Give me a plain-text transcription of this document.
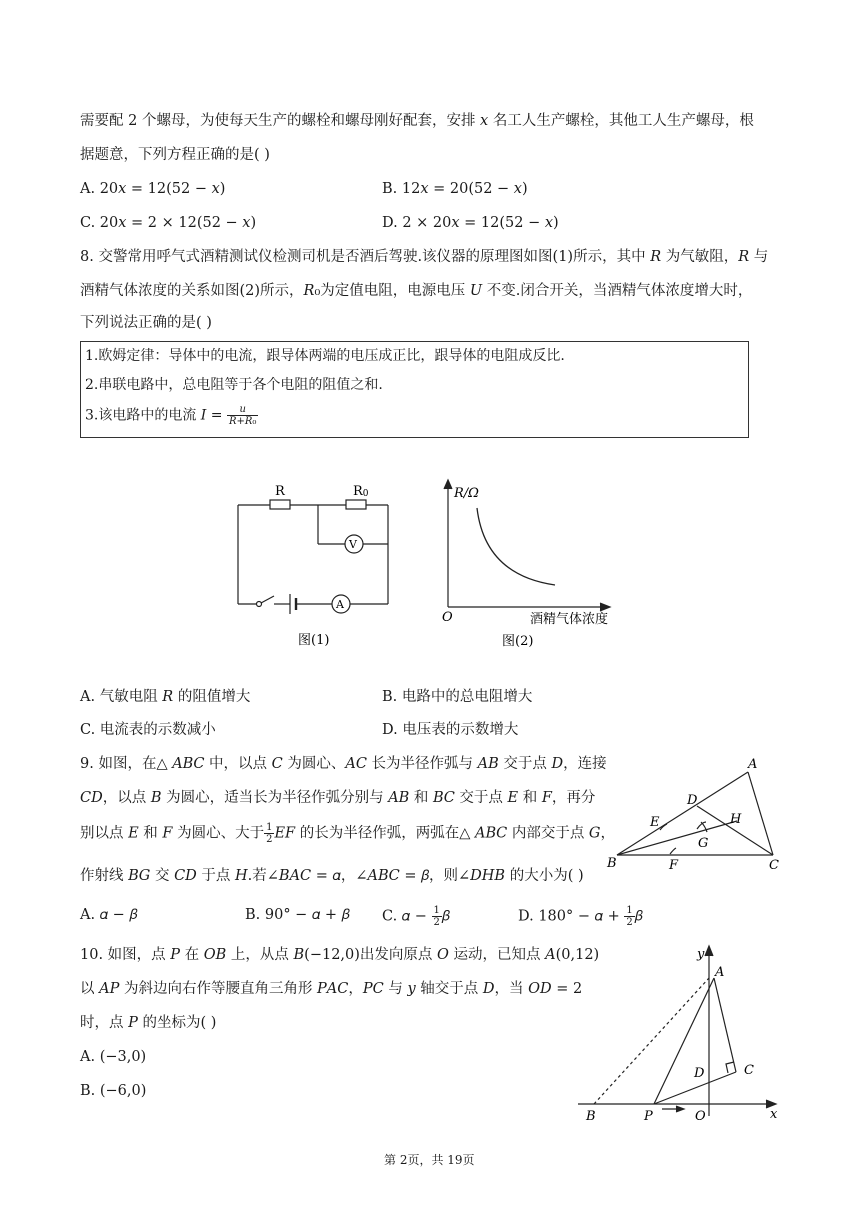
需要配 2 个螺母，为使每天生产的螺栓和螺母刚好配套，安排 𝑥 名工人生产螺栓，其他工人生产螺母，根
据题意，下列方程正确的是( )
A. 20𝑥 = 12(52 − 𝑥)	B. 12𝑥 = 20(52 − 𝑥)
C. 20𝑥 = 2 × 12(52 − 𝑥)	D. 2 × 20𝑥 = 12(52 − 𝑥)
8. 交警常用呼气式酒精测试仪检测司机是否酒后驾驶.该仪器的原理图如图(1)所示，其中 𝑅 为气敏阻，𝑅 与
酒精气体浓度的关系如图(2)所示，𝑅₀为定值电阻，电源电压 𝑈 不变.闭合开关，当酒精气体浓度增大时，
下列说法正确的是( )
1.欧姆定律：导体中的电流，跟导体两端的电压成正比，跟导体的电阻成反比.
2.串联电路中，总电阻等于各个电阻的阻值之和.
3.该电路中的电流 𝐼 = $\frac{\text{𝑢}}{\text{𝑅+𝑅₀}}$
R	R0
V
A
图(1)
R/Ω
O	酒精气体浓度
图(2)
A. 气敏电阻 𝑅 的阻值增大	B. 电路中的总电阻增大
C. 电流表的示数减小	D. 电压表的示数增大
9. 如图，在△ 𝐴𝐵𝐶 中，以点 𝐶 为圆心、𝐴𝐶 长为半径作弧与 𝐴𝐵 交于点 𝐷，连接
𝐶𝐷，以点 𝐵 为圆心，适当长为半径作弧分别与 𝐴𝐵 和 𝐵𝐶 交于点 𝐸 和 𝐹，再分
别以点 𝐸 和 𝐹 为圆心、大于 $\frac{1}{2}$ 𝐸𝐹 的长为半径作弧，两弧在△ 𝐴𝐵𝐶 内部交于点 𝐺，
作射线 𝐵𝐺 交 𝐶𝐷 于点 𝐻.若∠𝐵𝐴𝐶 = 𝛼，∠𝐴𝐵𝐶 = 𝛽，则∠𝐷𝐻𝐵 的大小为( )
A
B	C
D
E
F
G
H
A. 𝛼 − 𝛽	B. 90° − 𝛼 + 𝛽 C. 𝛼 − $\frac{1}{2}$ 𝛽	D. 180° − 𝛼 + $\frac{1}{2}$ 𝛽
10. 如图，点 𝑃 在 𝑂𝐵 上，从点 𝐵(−12,0)出发向原点 𝑂 运动，已知点 𝐴(0,12)
以 𝐴𝑃 为斜边向右作等腰直角三角形 𝑃𝐴𝐶，𝑃𝐶 与 𝑦 轴交于点 𝐷，当 𝑂𝐷 = 2
时，点 𝑃 的坐标为( )
A. (−3,0)
B. (−6,0)
y
x
A
B
C
D
O
P
第 2页，共 19页
